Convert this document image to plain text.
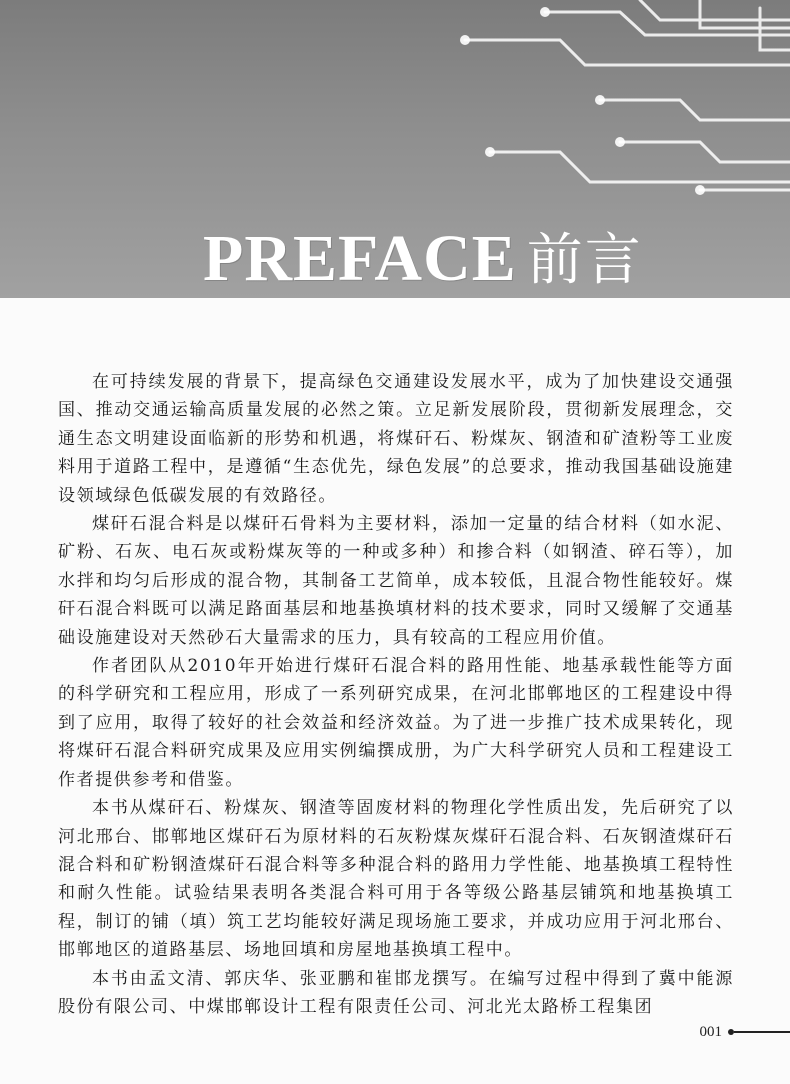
PREFACE 前言

在可持续发展的背景下，提高绿色交通建设发展水平，成为了加快建设交通强国、推动交通运输高质量发展的必然之策。立足新发展阶段，贯彻新发展理念，交通生态文明建设面临新的形势和机遇，将煤矸石、粉煤灰、钢渣和矿渣粉等工业废料用于道路工程中，是遵循“生态优先，绿色发展”的总要求，推动我国基础设施建设领域绿色低碳发展的有效路径。

煤矸石混合料是以煤矸石骨料为主要材料，添加一定量的结合材料（如水泥、矿粉、石灰、电石灰或粉煤灰等的一种或多种）和掺合料（如钢渣、碎石等），加水拌和均匀后形成的混合物，其制备工艺简单，成本较低，且混合物性能较好。煤矸石混合料既可以满足路面基层和地基换填材料的技术要求，同时又缓解了交通基础设施建设对天然砂石大量需求的压力，具有较高的工程应用价值。

作者团队从2010年开始进行煤矸石混合料的路用性能、地基承载性能等方面的科学研究和工程应用，形成了一系列研究成果，在河北邯郸地区的工程建设中得到了应用，取得了较好的社会效益和经济效益。为了进一步推广技术成果转化，现将煤矸石混合料研究成果及应用实例编撰成册，为广大科学研究人员和工程建设工作者提供参考和借鉴。

本书从煤矸石、粉煤灰、钢渣等固废材料的物理化学性质出发，先后研究了以河北邢台、邯郸地区煤矸石为原材料的石灰粉煤灰煤矸石混合料、石灰钢渣煤矸石混合料和矿粉钢渣煤矸石混合料等多种混合料的路用力学性能、地基换填工程特性和耐久性能。试验结果表明各类混合料可用于各等级公路基层铺筑和地基换填工程，制订的铺（填）筑工艺均能较好满足现场施工要求，并成功应用于河北邢台、邯郸地区的道路基层、场地回填和房屋地基换填工程中。

本书由孟文清、郭庆华、张亚鹏和崔邯龙撰写。在编写过程中得到了冀中能源股份有限公司、中煤邯郸设计工程有限责任公司、河北光太路桥工程集团

001
